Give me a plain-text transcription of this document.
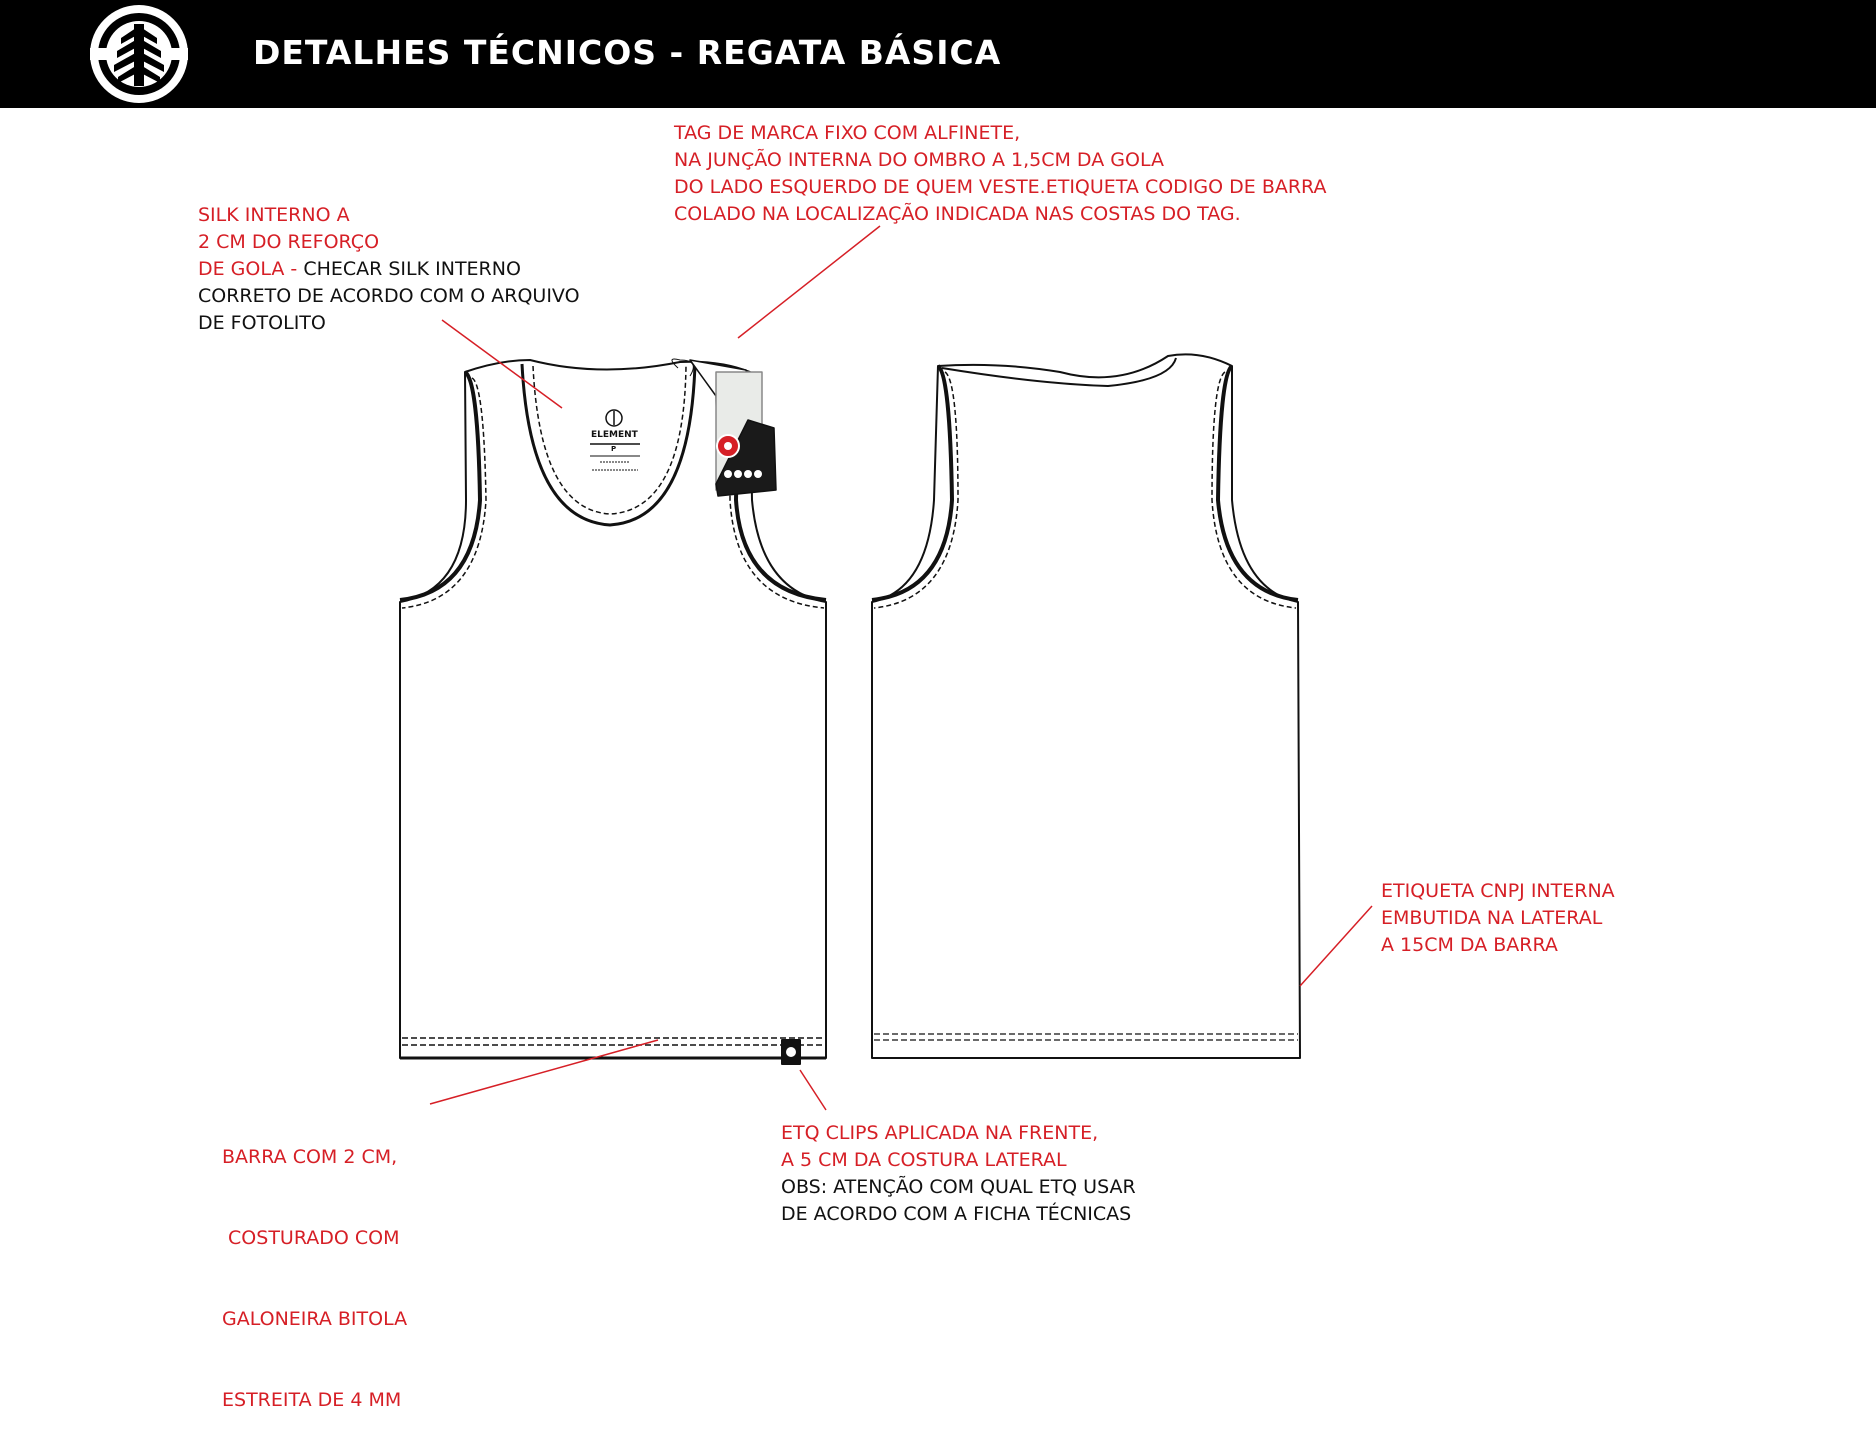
DETALHES TÉCNICOS - REGATA BÁSICA
TAG DE MARCA FIXO COM ALFINETE,
NA JUNÇÃO INTERNA DO OMBRO A 1,5CM DA GOLA
DO LADO ESQUERDO DE QUEM VESTE.ETIQUETA CODIGO DE BARRA
COLADO NA LOCALIZAÇÃO INDICADA NAS COSTAS DO TAG.
SILK INTERNO A
2 CM DO REFORÇO
DE GOLA - CHECAR SILK INTERNO
CORRETO DE ACORDO COM O ARQUIVO
DE FOTOLITO
ETIQUETA CNPJ INTERNA
EMBUTIDA NA LATERAL
A 15CM DA BARRA

BARRA COM 2 CM,

COSTURADO COM

GALONEIRA BITOLA

ESTREITA DE 4 MM

ETQ CLIPS APLICADA NA FRENTE,
A 5 CM DA COSTURA LATERAL
OBS: ATENÇÃO COM QUAL ETQ USAR
DE ACORDO COM A FICHA TÉCNICAS
ELEMENT
P
